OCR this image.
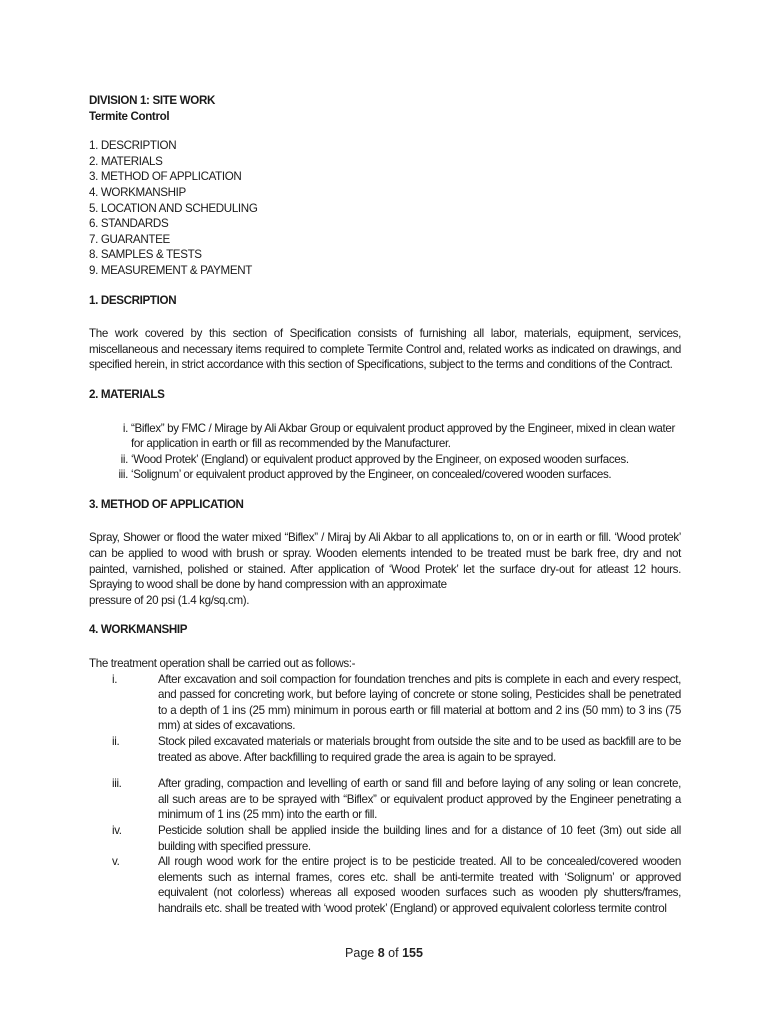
DIVISION 1: SITE WORK

Termite Control

1. DESCRIPTION

2. MATERIALS

3. METHOD OF APPLICATION

4. WORKMANSHIP

5. LOCATION AND SCHEDULING

6. STANDARDS

7. GUARANTEE

8. SAMPLES & TESTS

9. MEASUREMENT & PAYMENT

1. DESCRIPTION

The work covered by this section of Specification consists of furnishing all labor, materials, equipment, services, miscellaneous and necessary items required to complete Termite Control and, related works as indicated on drawings, and specified herein, in strict accordance with this section of Specifications, subject to the terms and conditions of the Contract.

2. MATERIALS

i. “Biflex” by FMC / Mirage by Ali Akbar Group or equivalent product approved by the Engineer, mixed in clean water for application in earth or fill as recommended by the Manufacturer.
ii. ‘Wood Protek’ (England) or equivalent product approved by the Engineer, on exposed wooden surfaces.
iii. ‘Solignum’ or equivalent product approved by the Engineer, on concealed/covered wooden surfaces.

3. METHOD OF APPLICATION

Spray, Shower or flood the water mixed “Biflex” / Miraj by Ali Akbar to all applications to, on or in earth or fill. ‘Wood protek’ can be applied to wood with brush or spray. Wooden elements intended to be treated must be bark free, dry and not painted, varnished, polished or stained. After application of ‘Wood Protek’ let the surface dry-out for atleast 12 hours. Spraying to wood shall be done by hand compression with an approximate

pressure of 20 psi (1.4 kg/sq.cm).

4. WORKMANSHIP

The treatment operation shall be carried out as follows:-

i.	After excavation and soil compaction for foundation trenches and pits is complete in each and every respect, and passed for concreting work, but before laying of concrete or stone soling, Pesticides shall be penetrated to a depth of 1 ins (25 mm) minimum in porous earth or fill material at bottom and 2 ins (50 mm) to 3 ins (75 mm) at sides of excavations.
ii.	Stock piled excavated materials or materials brought from outside the site and to be used as backfill are to be treated as above. After backfilling to required grade the area is again to be sprayed.
iii.	After grading, compaction and levelling of earth or sand fill and before laying of any soling or lean concrete, all such areas are to be sprayed with “Biflex” or equivalent product approved by the Engineer penetrating a minimum of 1 ins (25 mm) into the earth or fill.
iv.	Pesticide solution shall be applied inside the building lines and for a distance of 10 feet (3m) out side all building with specified pressure.
v.	All rough wood work for the entire project is to be pesticide treated. All to be concealed/covered wooden elements such as internal frames, cores etc. shall be anti-termite treated with ‘Solignum’ or approved equivalent (not colorless) whereas all exposed wooden surfaces such as wooden ply shutters/frames, handrails etc. shall be treated with ‘wood protek’ (England) or approved equivalent colorless termite control
Page 8 of 155
